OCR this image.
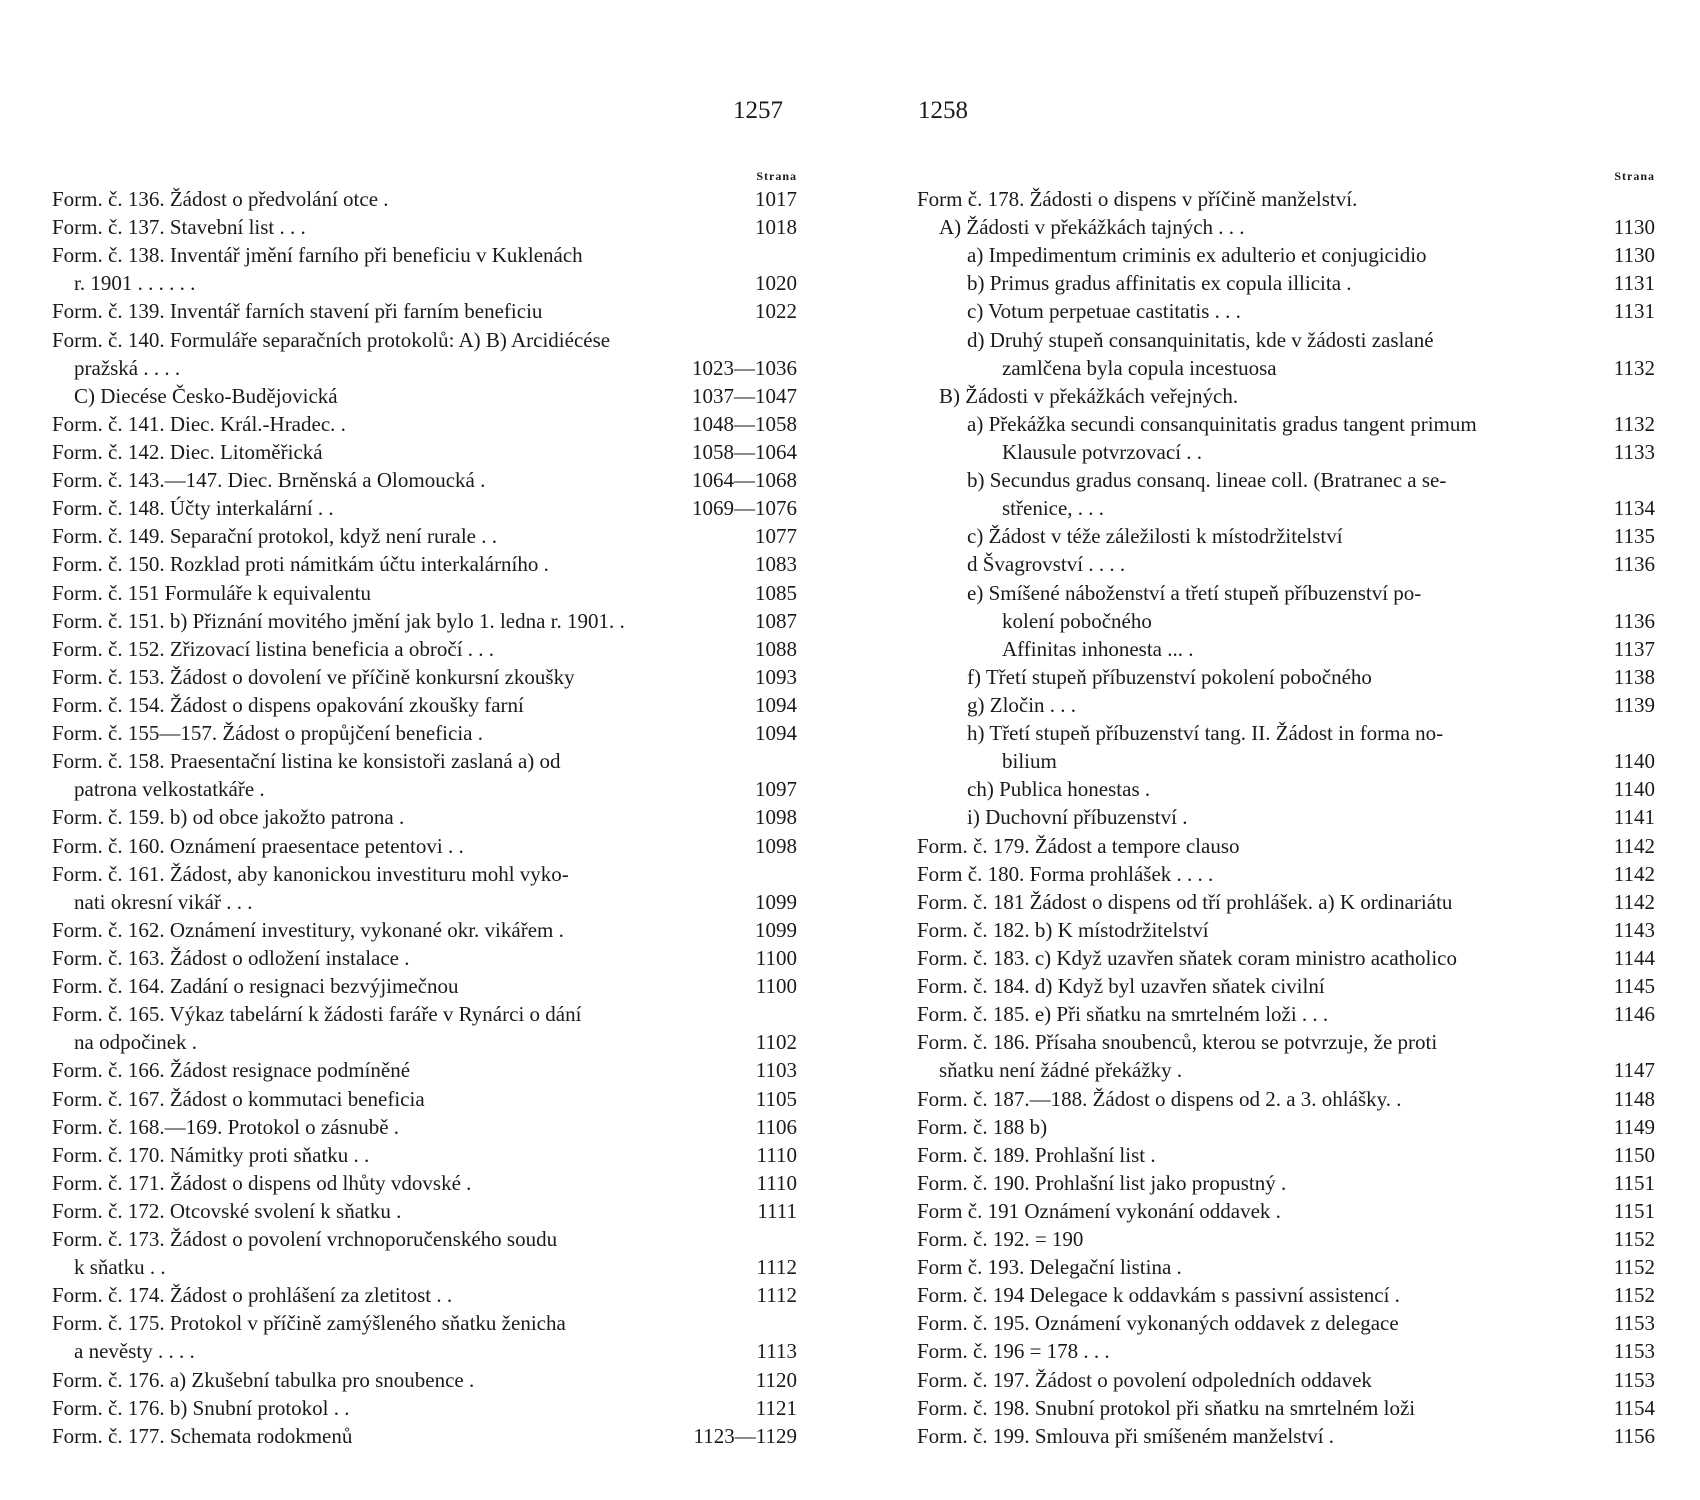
1257	1258
Strana
Form. č. 136. Žádost o předvolání otce .	1017
Form. č. 137. Stavební list . . .	1018
Form. č. 138. Inventář jmění farního při beneficiu v Kuklenách
r. 1901 . . . . . .	1020
Form. č. 139. Inventář farních stavení při farním beneficiu	1022
Form. č. 140. Formuláře separačních protokolů: A) B) Arcidiécése
pražská . . . .	1023—1036
C) Diecése Česko-Budějovická	1037—1047
Form. č. 141. Diec. Král.-Hradec. .	1048—1058
Form. č. 142. Diec. Litoměřická	1058—1064
Form. č. 143.—147. Diec. Brněnská a Olomoucká .	1064—1068
Form. č. 148. Účty interkalární . .	1069—1076
Form. č. 149. Separační protokol, když není rurale . .	1077
Form. č. 150. Rozklad proti námitkám účtu interkalárního .	1083
Form. č. 151 Formuláře k equivalentu	1085
Form. č. 151. b) Přiznání movitého jmění jak bylo 1. ledna r. 1901. .	1087
Form. č. 152. Zřizovací listina beneficia a obročí . . .	1088
Form. č. 153. Žádost o dovolení ve příčině konkursní zkoušky	1093
Form. č. 154. Žádost o dispens opakování zkoušky farní	1094
Form. č. 155—157. Žádost o propůjčení beneficia .	1094
Form. č. 158. Praesentační listina ke konsistoři zaslaná a) od
patrona velkostatkáře .	1097
Form. č. 159. b) od obce jakožto patrona .	1098
Form. č. 160. Oznámení praesentace petentovi . .	1098
Form. č. 161. Žádost, aby kanonickou investituru mohl vyko-
nati okresní vikář . . .	1099
Form. č. 162. Oznámení investitury, vykonané okr. vikářem .	1099
Form. č. 163. Žádost o odložení instalace .	1100
Form. č. 164. Zadání o resignaci bezvýjimečnou	1100
Form. č. 165. Výkaz tabelární k žádosti faráře v Rynárci o dání
na odpočinek .	1102
Form. č. 166. Žádost resignace podmíněné	1103
Form. č. 167. Žádost o kommutaci beneficia	1105
Form. č. 168.—169. Protokol o zásnubě .	1106
Form. č. 170. Námitky proti sňatku . .	1110
Form. č. 171. Žádost o dispens od lhůty vdovské .	1110
Form. č. 172. Otcovské svolení k sňatku .	1111
Form. č. 173. Žádost o povolení vrchnoporučenského soudu
k sňatku . .	1112
Form. č. 174. Žádost o prohlášení za zletitost . .	1112
Form. č. 175. Protokol v příčině zamýšleného sňatku ženicha
a nevěsty . . . .	1113
Form. č. 176. a) Zkušební tabulka pro snoubence .	1120
Form. č. 176. b) Snubní protokol . .	1121
Form. č. 177. Schemata rodokmenů	1123—1129
Strana
Form č. 178. Žádosti o dispens v příčině manželství.
A) Žádosti v překážkách tajných . . .	1130
a) Impedimentum criminis ex adulterio et conjugicidio	1130
b) Primus gradus affinitatis ex copula illicita .	1131
c) Votum perpetuae castitatis . . .	1131
d) Druhý stupeň consanquinitatis, kde v žádosti zaslané
zamlčena byla copula incestuosa	1132
B) Žádosti v překážkách veřejných.
a) Překážka secundi consanquinitatis gradus tangent primum	1132
Klausule potvrzovací . .	1133
b) Secundus gradus consanq. lineae coll. (Bratranec a se-
střenice, . . .	1134
c) Žádost v téže záležilosti k místodržitelství	1135
d Švagrovství . . . .	1136
e) Smíšené náboženství a třetí stupeň příbuzenství po-
kolení pobočného	1136
Affinitas inhonesta ... .	1137
f) Třetí stupeň příbuzenství pokolení pobočného	1138
g) Zločin . . .	1139
h) Třetí stupeň příbuzenství tang. II. Žádost in forma no-
bilium	1140
ch) Publica honestas .	1140
i) Duchovní příbuzenství .	1141
Form. č. 179. Žádost a tempore clauso	1142
Form č. 180. Forma prohlášek . . . .	1142
Form. č. 181 Žádost o dispens od tří prohlášek. a) K ordinariátu	1142
Form. č. 182. b) K místodržitelství	1143
Form. č. 183. c) Když uzavřen sňatek coram ministro acatholico	1144
Form. č. 184. d) Když byl uzavřen sňatek civilní	1145
Form. č. 185. e) Při sňatku na smrtelném loži . . .	1146
Form. č. 186. Přísaha snoubenců, kterou se potvrzuje, že proti
sňatku není žádné překážky .	1147
Form. č. 187.—188. Žádost o dispens od 2. a 3. ohlášky. .	1148
Form. č. 188 b)	1149
Form. č. 189. Prohlašní list .	1150
Form. č. 190. Prohlašní list jako propustný .	1151
Form č. 191 Oznámení vykonání oddavek .	1151
Form. č. 192. = 190	1152
Form č. 193. Delegační listina .	1152
Form. č. 194 Delegace k oddavkám s passivní assistencí .	1152
Form. č. 195. Oznámení vykonaných oddavek z delegace	1153
Form. č. 196 = 178 . . .	1153
Form. č. 197. Žádost o povolení odpoledních oddavek	1153
Form. č. 198. Snubní protokol při sňatku na smrtelném loži	1154
Form. č. 199. Smlouva při smíšeném manželství .	1156
